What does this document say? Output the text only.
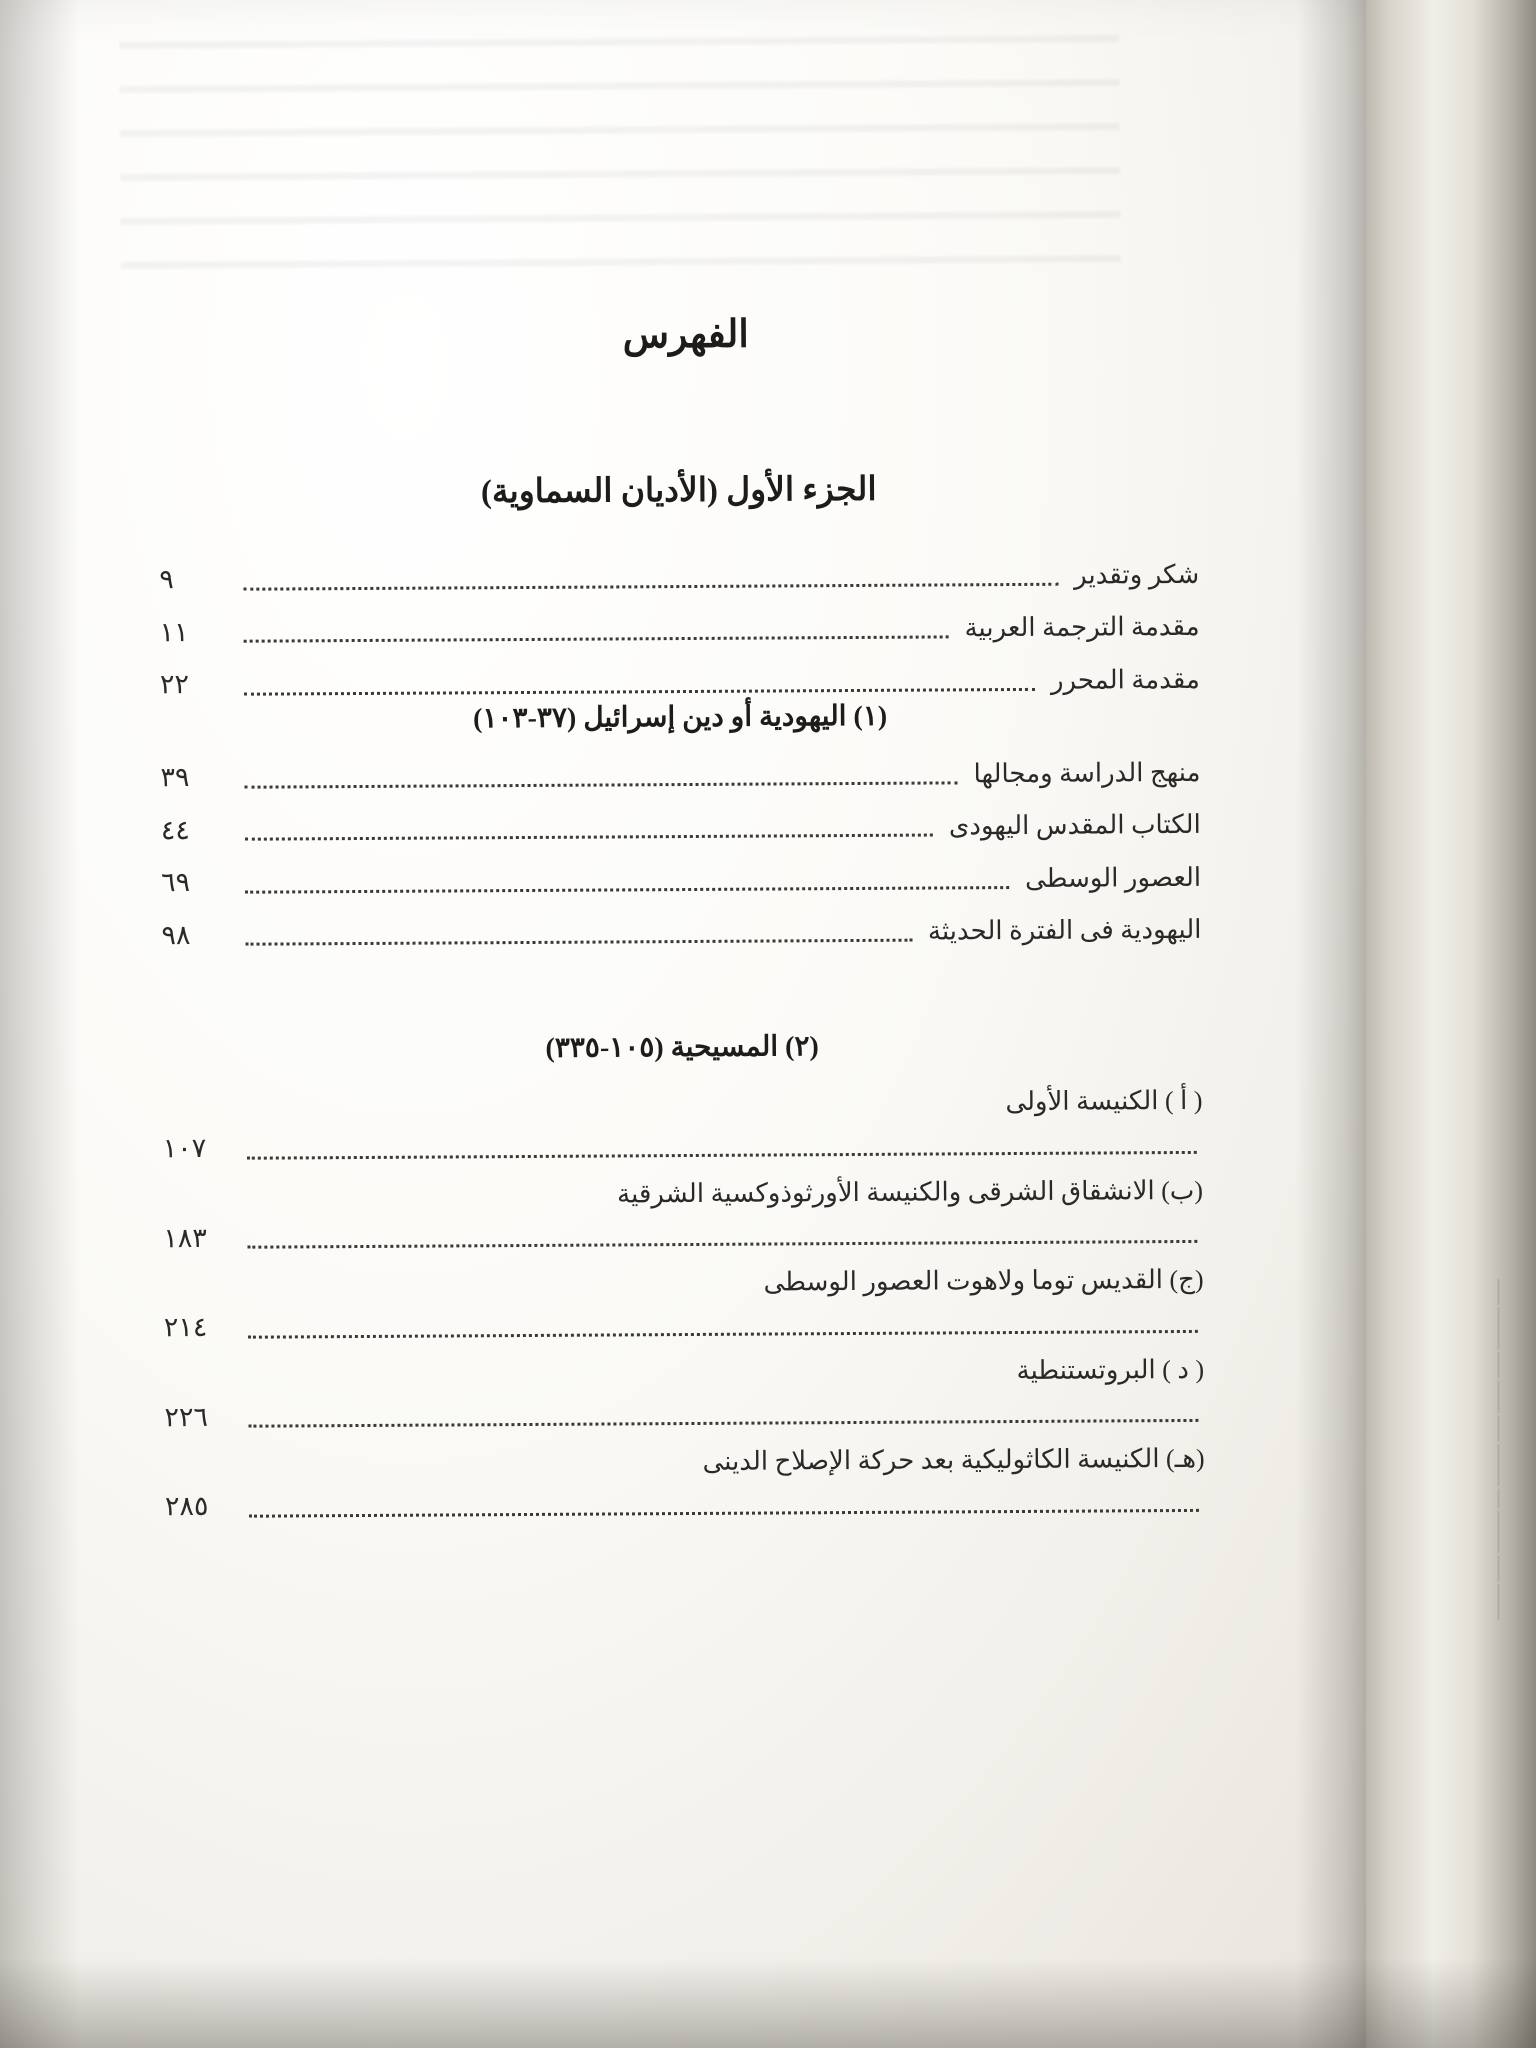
الفهرس
الجزء الأول (الأديان السماوية)
شكر وتقدير
٩
مقدمة الترجمة العربية
١١
مقدمة المحرر
٢٢
(١) اليهودية أو دين إسرائيل (٣٧-١٠٣)
منهج الدراسة ومجالها
٣٩
الكتاب المقدس اليهودى
٤٤
العصور الوسطى
٦٩
اليهودية فى الفترة الحديثة
٩٨
(٢) المسيحية (١٠٥-٣٣٥)
( أ ) الكنيسة الأولى
١٠٧
(ب) الانشقاق الشرقى والكنيسة الأورثوذوكسية الشرقية
١٨٣
(ج) القديس توما ولاهوت العصور الوسطى
٢١٤
( د ) البروتستنطية
٢٢٦
(هـ) الكنيسة الكاثوليكية بعد حركة الإصلاح الدينى
٢٨٥	ـــــــــــ ــــــــ ـــــــــــــ ــــــ ـــــــــــــ ــــــــ ــــــــــ ــــــــ ـــــــــــــ ــــــــ
